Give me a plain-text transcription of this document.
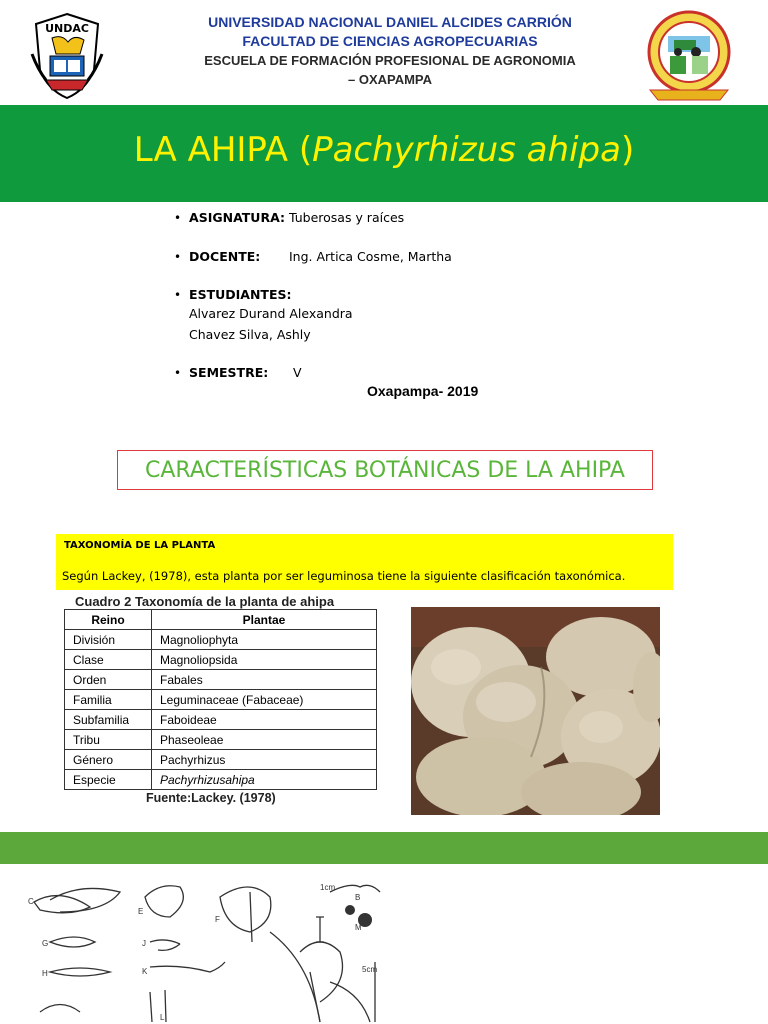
UNDAC	UNIVERSIDAD NACIONAL DANIEL ALCIDES CARRIÓN
FACULTAD DE CIENCIAS AGROPECUARIAS
ESCUELA DE FORMACIÓN PROFESIONAL DE AGRONOMIA
– OXAPAMPA
LA AHIPA (Pachyrhizus ahipa)
• ASIGNATURA: Tuberosas y raíces
• DOCENTE: Ing. Artica Cosme, Martha
• ESTUDIANTES:
Alvarez Durand Alexandra
Chavez Silva, Ashly
• SEMESTRE: V
Oxapampa- 2019
CARACTERÍSTICAS BOTÁNICAS DE LA AHIPA
TAXONOMÍA DE LA PLANTA
Según Lackey, (1978), esta planta por ser leguminosa tiene la siguiente clasificación taxonómica.
Cuadro 2 Taxonomía de la planta de ahipa
Reino	Plantae
División	Magnoliophyta
Clase	Magnoliopsida
Orden	Fabales
Familia	Leguminaceae (Fabaceae)
Subfamilia	Faboideae
Tribu	Phaseoleae
Género	Pachyrhizus
Especie	Pachyrhizusahipa
Fuente:Lackey. (1978)
C
E
F
G	J
H	K
L
B
M
1cm
5cm
